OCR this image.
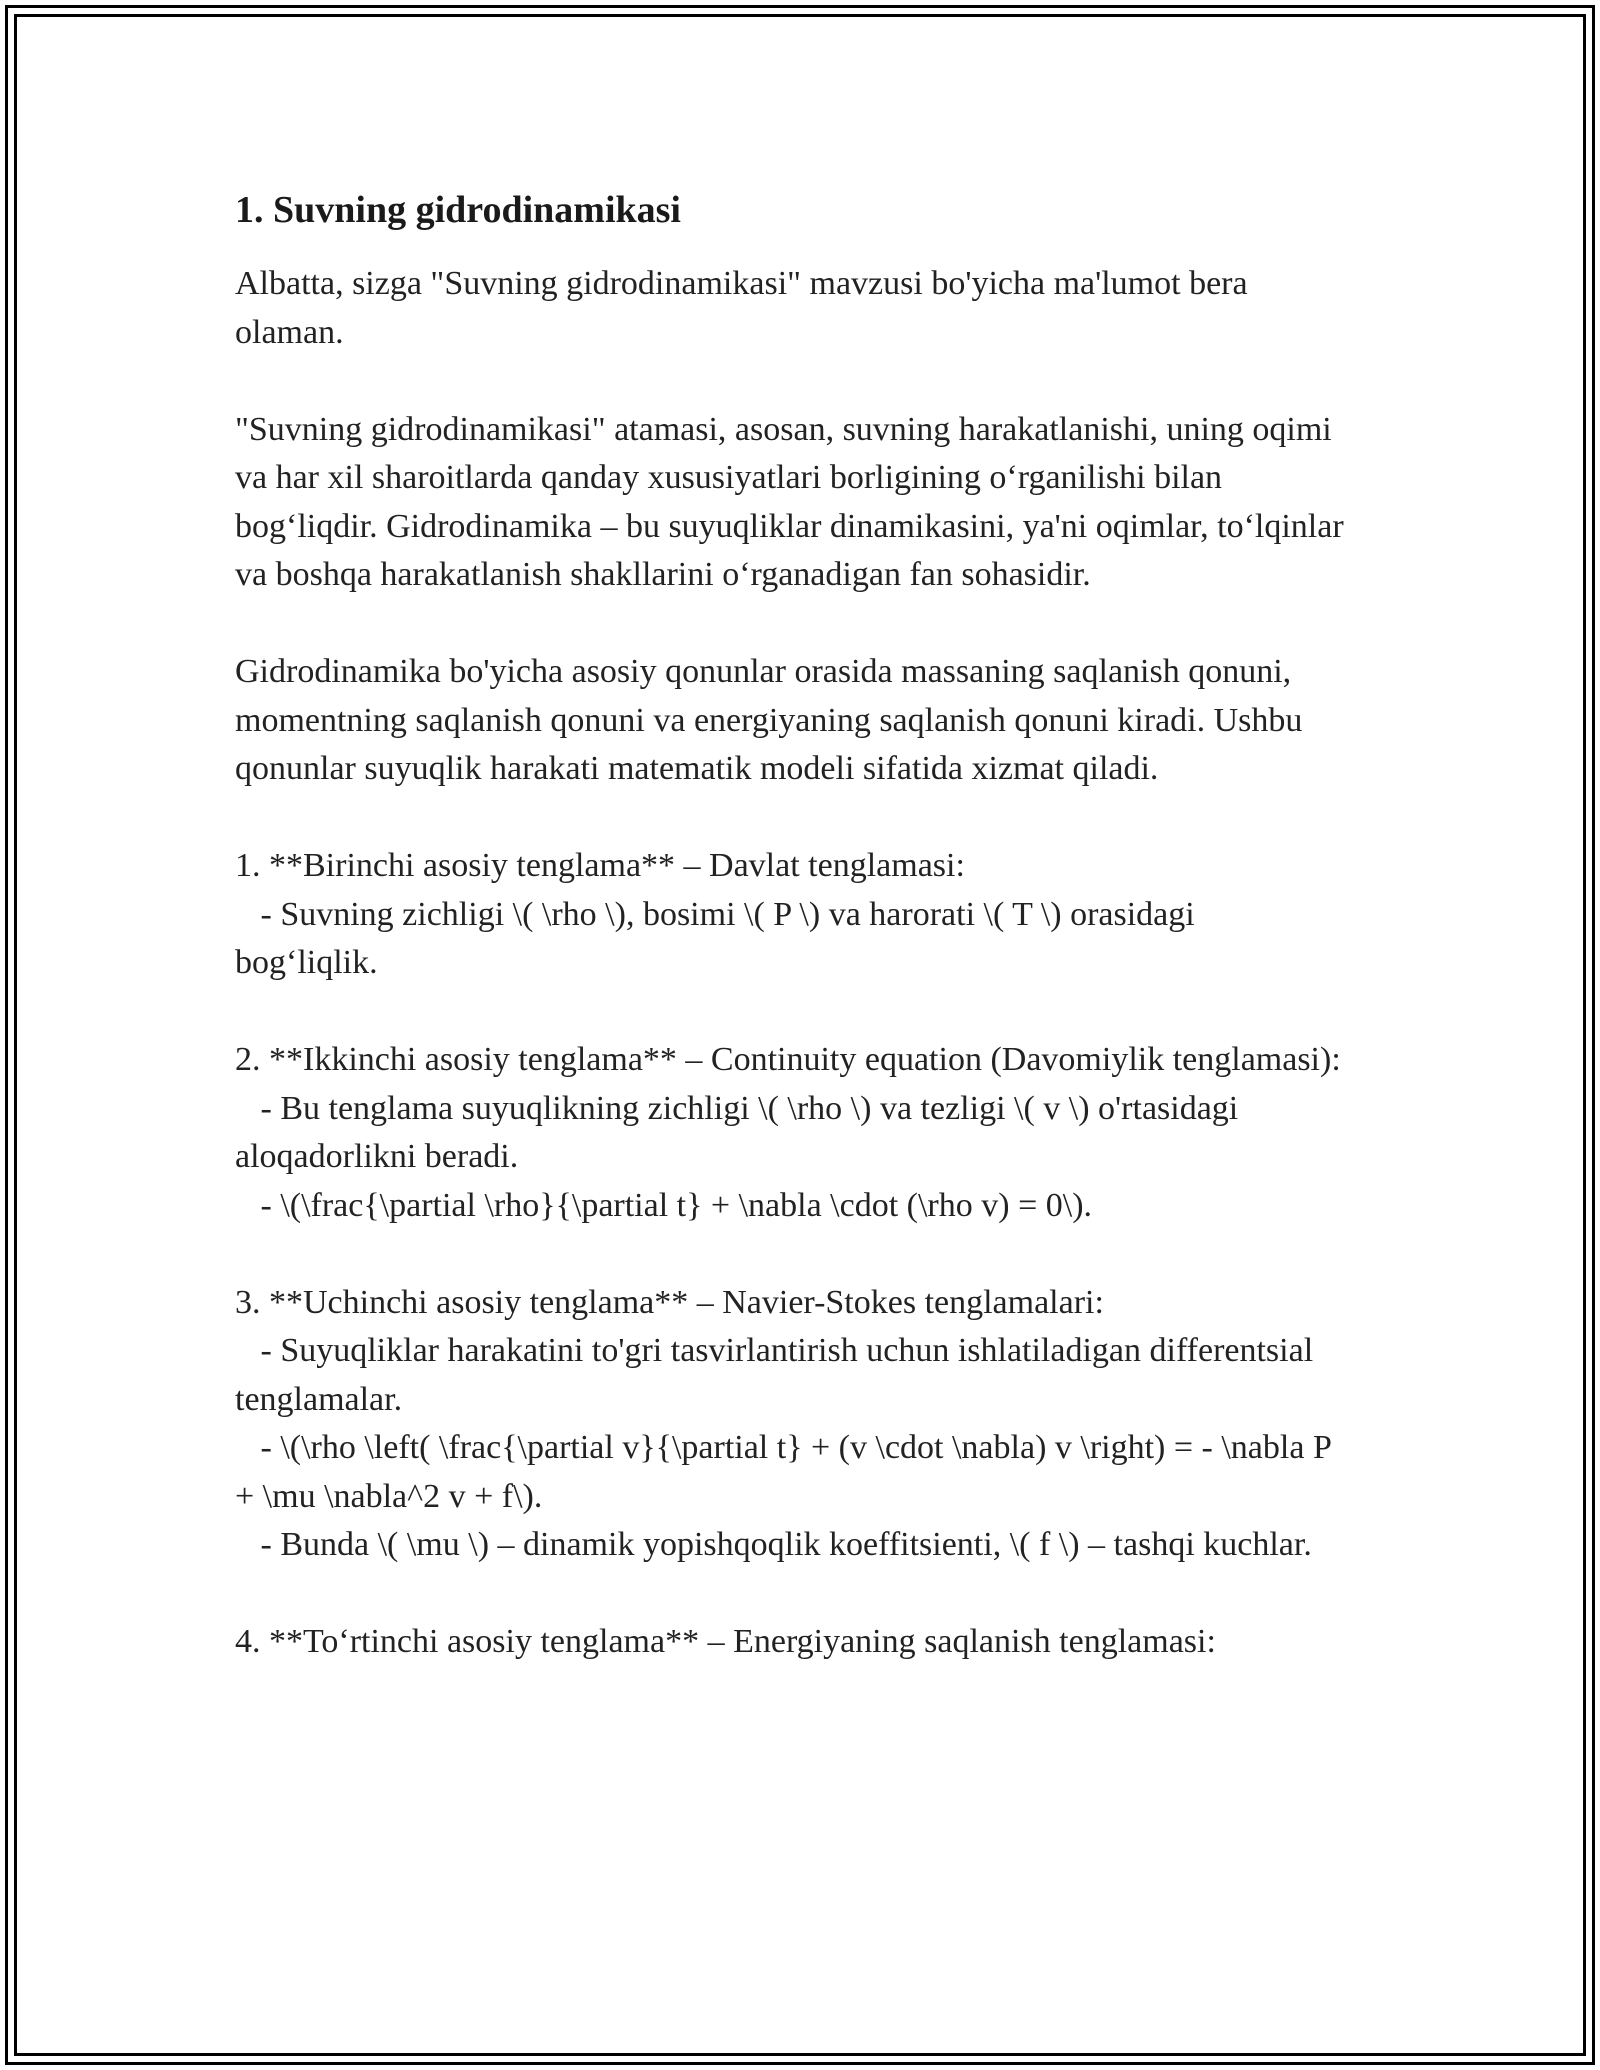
1. Suvning gidrodinamikasi

Albatta, sizga "Suvning gidrodinamikasi" mavzusi bo'yicha ma'lumot bera olaman.

"Suvning gidrodinamikasi" atamasi, asosan, suvning harakatlanishi, uning oqimi va har xil sharoitlarda qanday xususiyatlari borligining o‘rganilishi bilan bog‘liqdir. Gidrodinamika – bu suyuqliklar dinamikasini, ya'ni oqimlar, to‘lqinlar va boshqa harakatlanish shakllarini o‘rganadigan fan sohasidir.

Gidrodinamika bo'yicha asosiy qonunlar orasida massaning saqlanish qonuni, momentning saqlanish qonuni va energiyaning saqlanish qonuni kiradi. Ushbu qonunlar suyuqlik harakati matematik modeli sifatida xizmat qiladi.

1. **Birinchi asosiy tenglama** – Davlat tenglamasi:
- Suvning zichligi \( \rho \), bosimi \( P \) va harorati \( T \) orasidagi bog‘liqlik.

2. **Ikkinchi asosiy tenglama** – Continuity equation (Davomiylik tenglamasi):
- Bu tenglama suyuqlikning zichligi \( \rho \) va tezligi \( v \) o'rtasidagi aloqadorlikni beradi.
- \(\frac{\partial \rho}{\partial t} + \nabla \cdot (\rho v) = 0\).

3. **Uchinchi asosiy tenglama** – Navier-Stokes tenglamalari:
- Suyuqliklar harakatini to'gri tasvirlantirish uchun ishlatiladigan differentsial tenglamalar.
- \(\rho \left( \frac{\partial v}{\partial t} + (v \cdot \nabla) v \right) = - \nabla P + \mu \nabla^2 v + f\).
- Bunda \( \mu \) – dinamik yopishqoqlik koeffitsienti, \( f \) – tashqi kuchlar.

4. **To‘rtinchi asosiy tenglama** – Energiyaning saqlanish tenglamasi:
